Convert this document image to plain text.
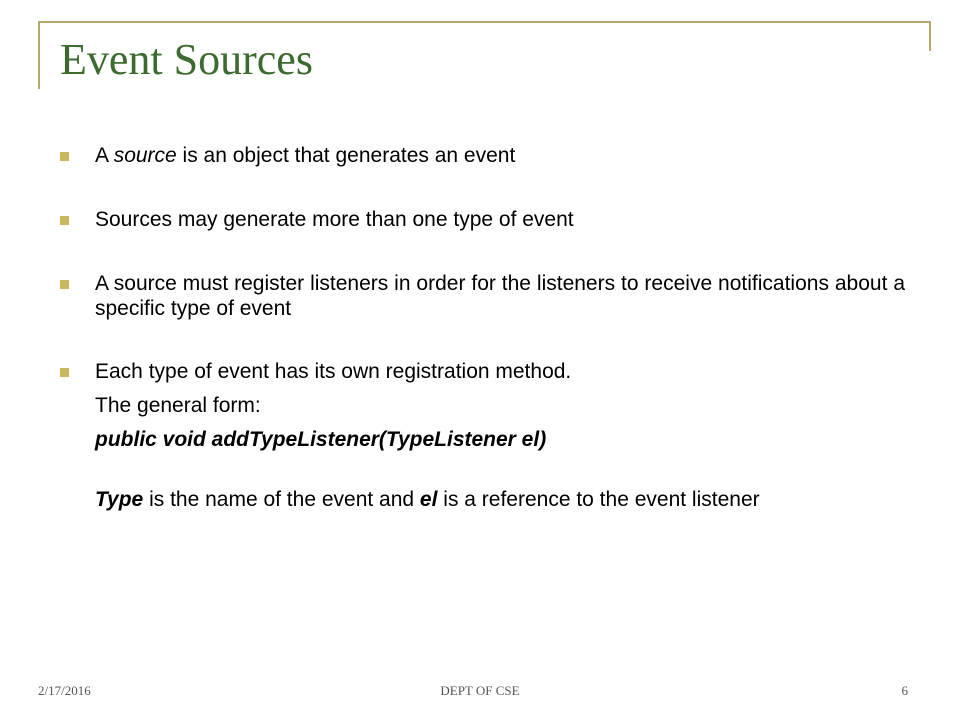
Event Sources
A source is an object that generates an event
Sources may generate more than one type of event
A source must register listeners in order for the listeners to receive notifications about a specific type of event
Each type of event has its own registration method.
The general form:
public void addTypeListener(TypeListener el)
Type is the name of the event and el is a reference to the event listener
2/17/2016	DEPT OF CSE	6
